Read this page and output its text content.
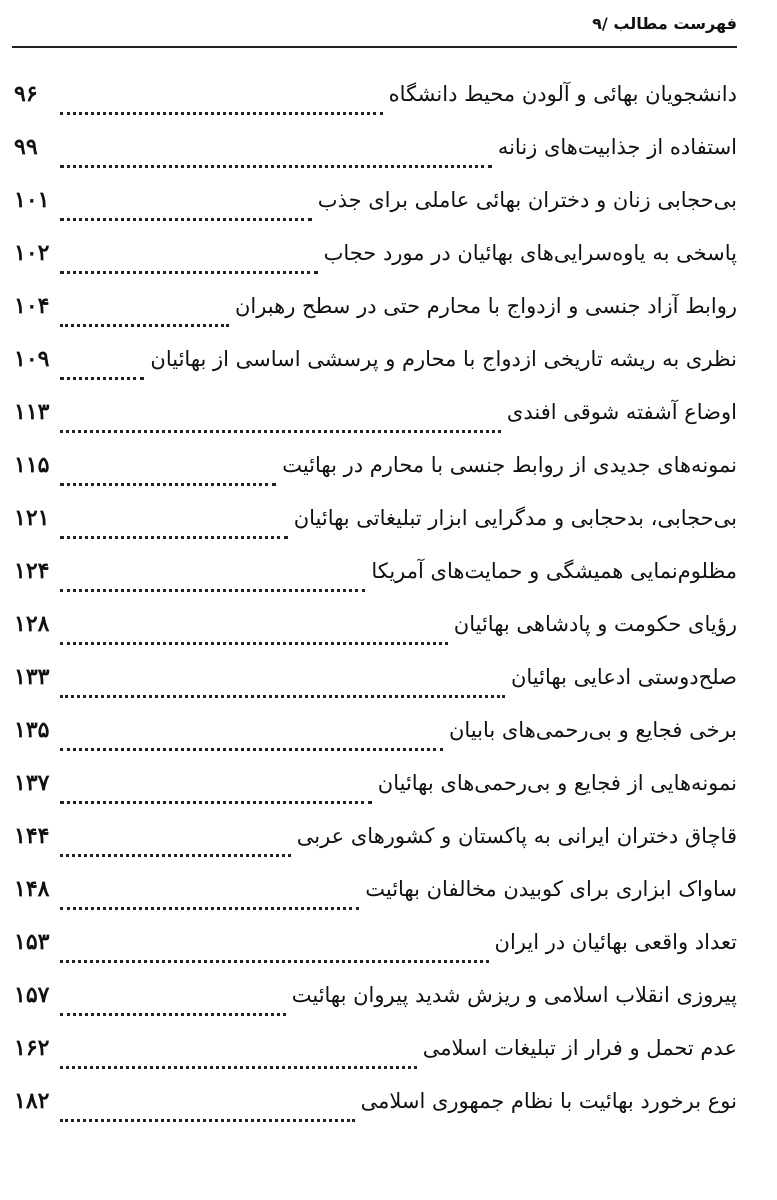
فهرست مطالب /۹
دانشجویان بهائی و آلودن محیط دانشگاه
۹۶
استفاده از جذابیت‌های زنانه
۹۹
بی‌حجابی زنان و دختران بهائی عاملی برای جذب
۱۰۱
پاسخی به یاوه‌سرایی‌های بهائیان در مورد حجاب
۱۰۲
روابط آزاد جنسی و ازدواج با محارم حتی در سطح رهبران
۱۰۴
نظری به ریشه تاریخی ازدواج با محارم و پرسشی اساسی از بهائیان
۱۰۹
اوضاع آشفته شوقی افندی
۱۱۳
نمونه‌های جدیدی از روابط جنسی با محارم در بهائیت
۱۱۵
بی‌حجابی، بدحجابی و مدگرایی ابزار تبلیغاتی بهائیان
۱۲۱
مظلوم‌نمایی همیشگی و حمایت‌های آمریکا
۱۲۴
رؤیای حکومت و پادشاهی بهائیان
۱۲۸
صلح‌دوستی ادعایی بهائیان
۱۳۳
برخی فجایع و بی‌رحمی‌های بابیان
۱۳۵
نمونه‌هایی از فجایع و بی‌رحمی‌های بهائیان
۱۳۷
قاچاق دختران ایرانی به پاکستان و کشورهای عربی
۱۴۴
ساواک ابزاری برای کوبیدن مخالفان بهائیت
۱۴۸
تعداد واقعی بهائیان در ایران
۱۵۳
پیروزی انقلاب اسلامی و ریزش شدید پیروان بهائیت
۱۵۷
عدم تحمل و فرار از تبلیغات اسلامی
۱۶۲
نوع برخورد بهائیت با نظام جمهوری اسلامی
۱۸۲
